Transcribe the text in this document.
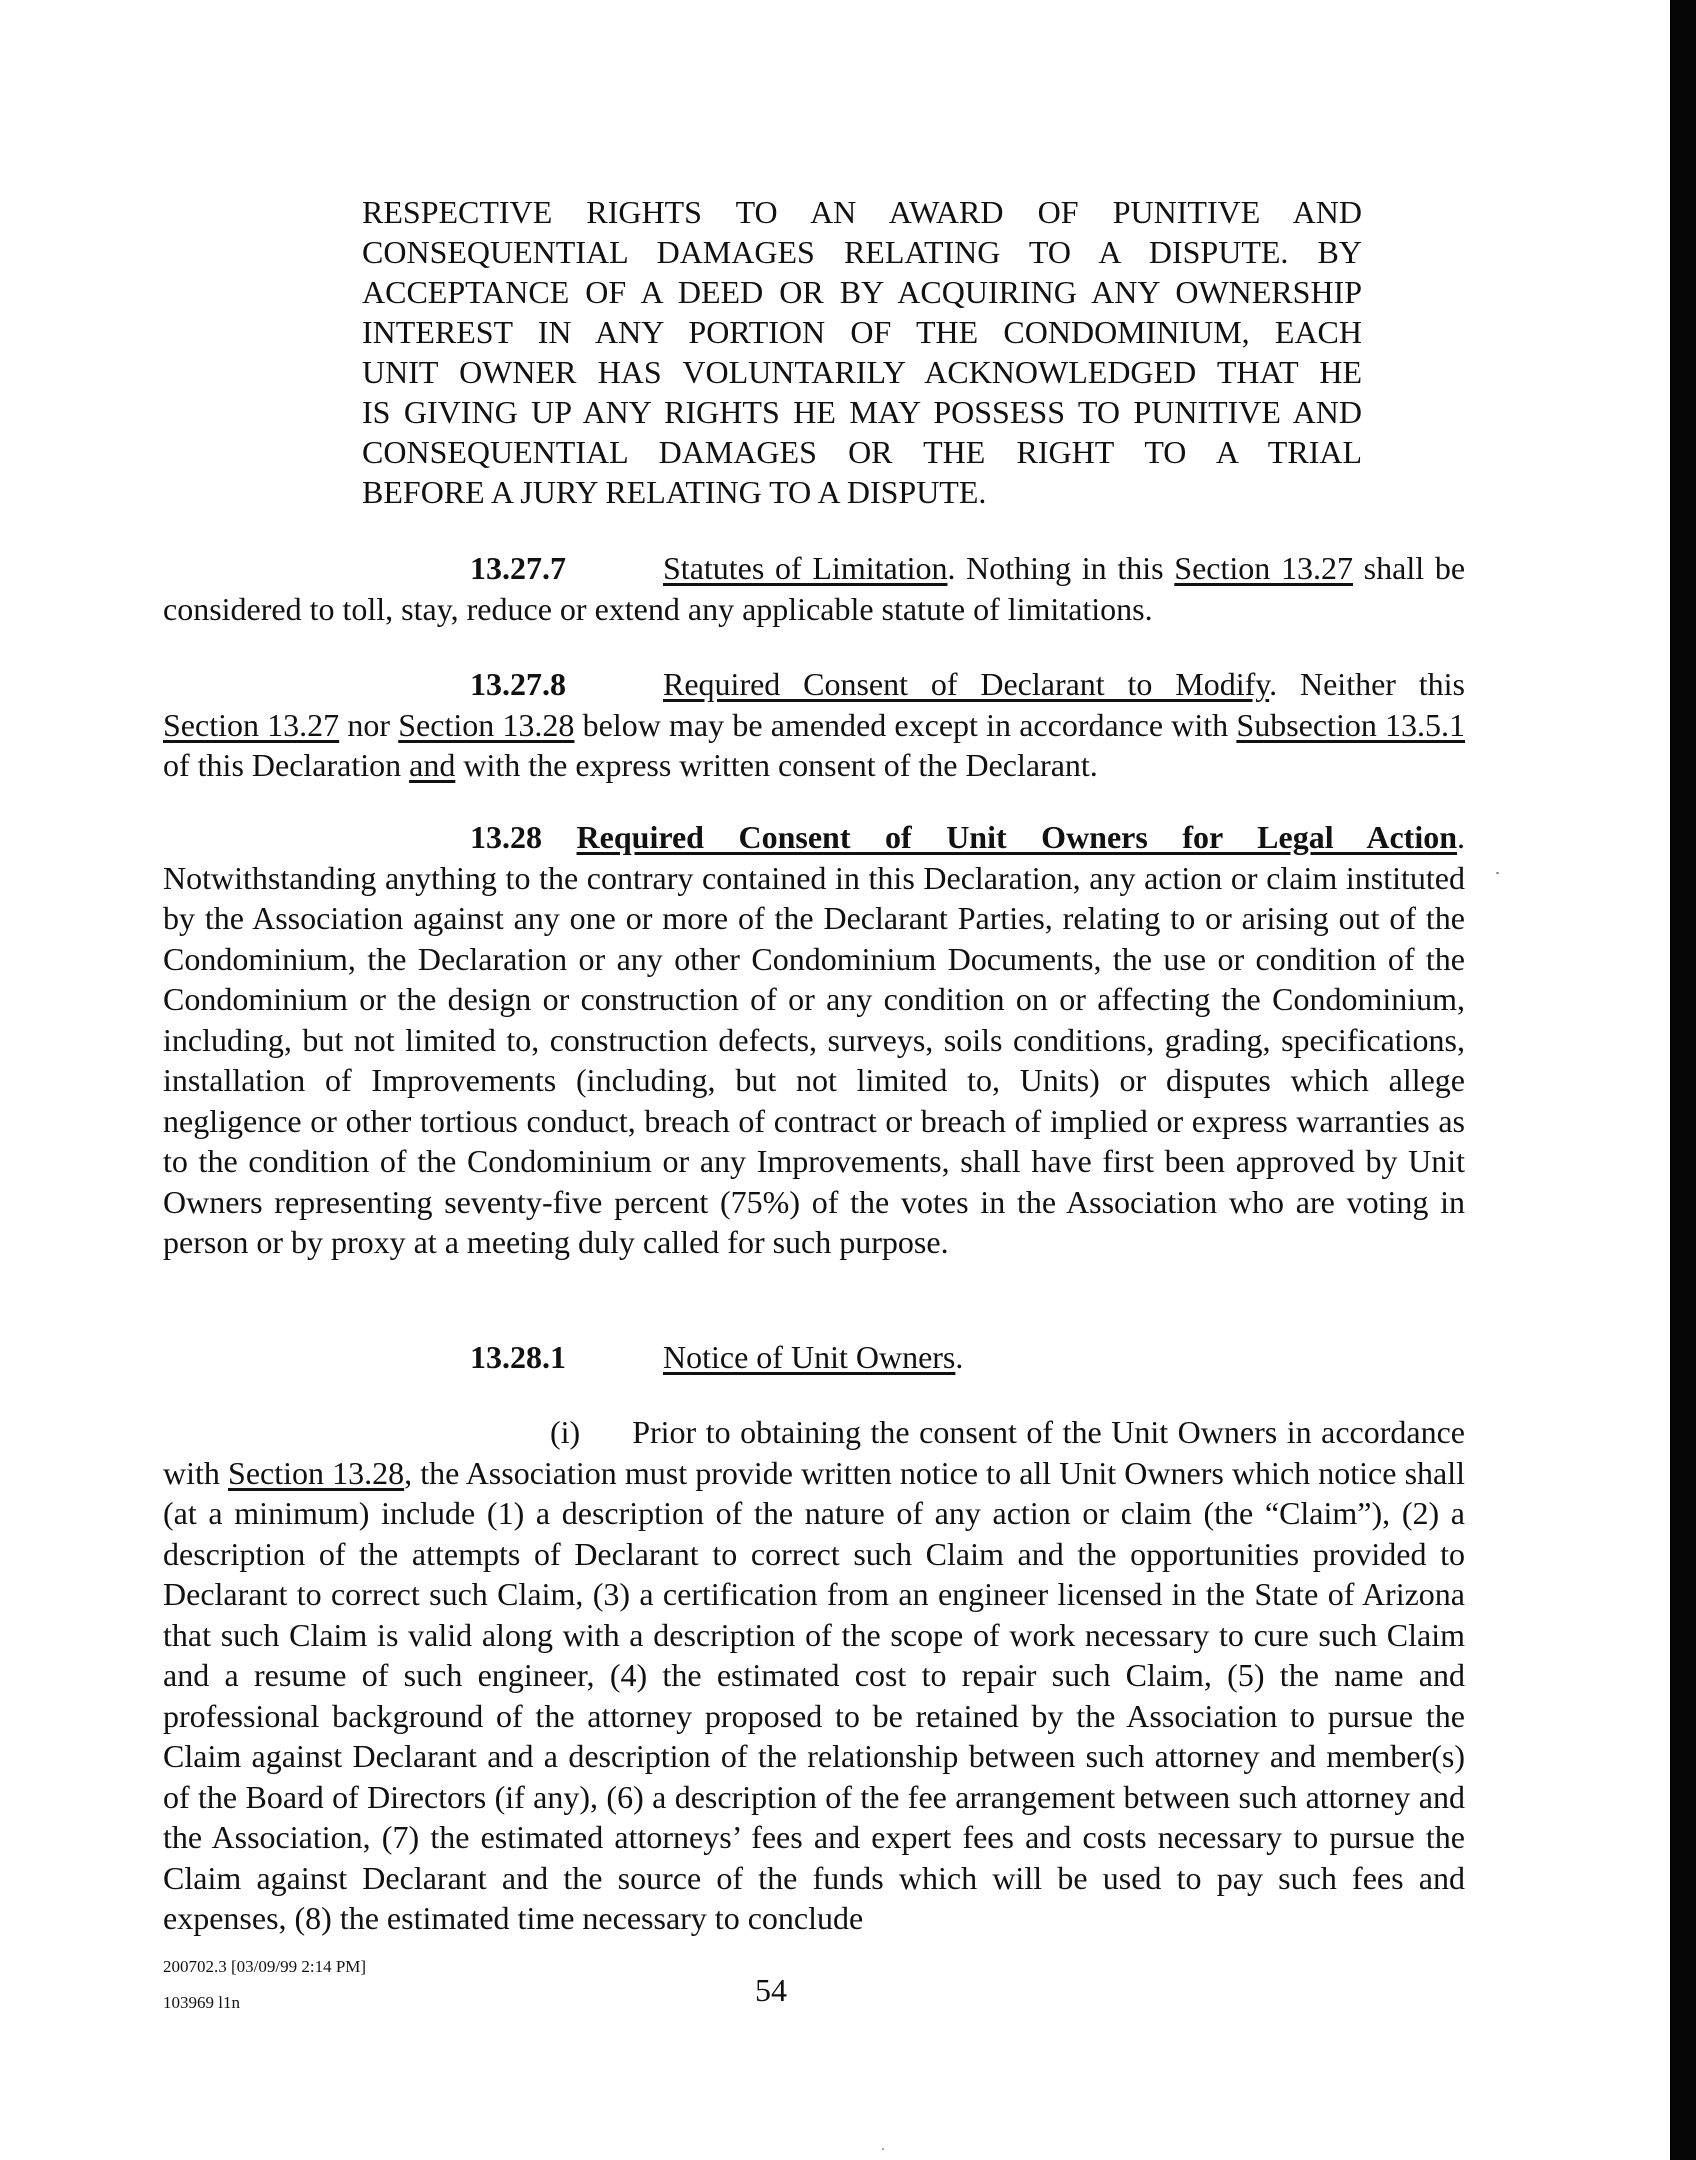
RESPECTIVE RIGHTS TO AN AWARD OF PUNITIVE AND
CONSEQUENTIAL DAMAGES RELATING TO A DISPUTE. BY
ACCEPTANCE OF A DEED OR BY ACQUIRING ANY OWNERSHIP
INTEREST IN ANY PORTION OF THE CONDOMINIUM, EACH
UNIT OWNER HAS VOLUNTARILY ACKNOWLEDGED THAT HE
IS GIVING UP ANY RIGHTS HE MAY POSSESS TO PUNITIVE AND
CONSEQUENTIAL DAMAGES OR THE RIGHT TO A TRIAL
BEFORE A JURY RELATING TO A DISPUTE.
13.27.7	Statutes of Limitation. Nothing in this Section 13.27 shall be considered to toll, stay, reduce or extend any applicable statute of limitations.
13.27.8	Required Consent of Declarant to Modify. Neither this Section 13.27 nor Section 13.28 below may be amended except in accordance with Subsection 13.5.1 of this Declaration and with the express written consent of the Declarant.
13.28 Required Consent of Unit Owners for Legal Action. Notwithstanding anything to the contrary contained in this Declaration, any action or claim instituted by the Association against any one or more of the Declarant Parties, relating to or arising out of the Condominium, the Declaration or any other Condominium Documents, the use or condition of the Condominium or the design or construction of or any condition on or affecting the Condominium, including, but not limited to, construction defects, surveys, soils conditions, grading, specifications, installation of Improvements (including, but not limited to, Units) or disputes which allege negligence or other tortious conduct, breach of contract or breach of implied or express warranties as to the condition of the Condominium or any Improvements, shall have first been approved by Unit Owners representing seventy-five percent (75%) of the votes in the Association who are voting in person or by proxy at a meeting duly called for such purpose.
13.28.1	Notice of Unit Owners.
(i) Prior to obtaining the consent of the Unit Owners in accordance with Section 13.28, the Association must provide written notice to all Unit Owners which notice shall (at a minimum) include (1) a description of the nature of any action or claim (the “Claim”), (2) a description of the attempts of Declarant to correct such Claim and the opportunities provided to Declarant to correct such Claim, (3) a certification from an engineer licensed in the State of Arizona that such Claim is valid along with a description of the scope of work necessary to cure such Claim and a resume of such engineer, (4) the estimated cost to repair such Claim, (5) the name and professional background of the attorney proposed to be retained by the Association to pursue the Claim against Declarant and a description of the relationship between such attorney and member(s) of the Board of Directors (if any), (6) a description of the fee arrangement between such attorney and the Association, (7) the estimated attorneys’ fees and expert fees and costs necessary to pursue the Claim against Declarant and the source of the funds which will be used to pay such fees and expenses, (8) the estimated time necessary to conclude
200702.3 [03/09/99 2:14 PM]
103969 l1n	54
